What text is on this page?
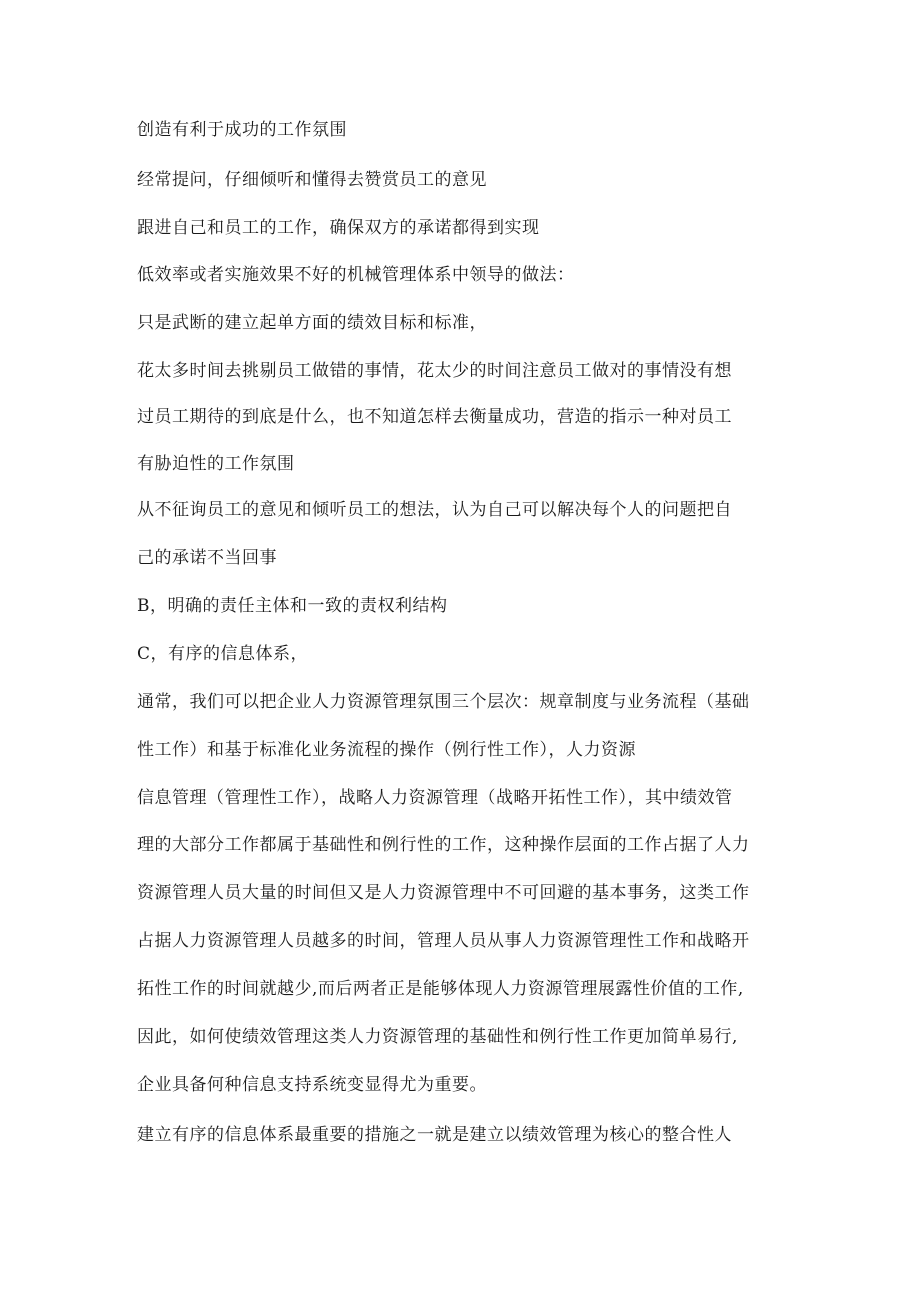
创造有利于成功的工作氛围
经常提问，仔细倾听和懂得去赞赏员工的意见
跟进自己和员工的工作，确保双方的承诺都得到实现
低效率或者实施效果不好的机械管理体系中领导的做法：
只是武断的建立起单方面的绩效目标和标准，
花太多时间去挑剔员工做错的事情，花太少的时间注意员工做对的事情没有想
过员工期待的到底是什么，也不知道怎样去衡量成功，营造的指示一种对员工
有胁迫性的工作氛围
从不征询员工的意见和倾听员工的想法，认为自己可以解决每个人的问题把自
己的承诺不当回事
B，明确的责任主体和一致的责权利结构
C，有序的信息体系，
通常，我们可以把企业人力资源管理氛围三个层次：规章制度与业务流程（基础
性工作）和基于标准化业务流程的操作（例行性工作），人力资源
信息管理（管理性工作），战略人力资源管理（战略开拓性工作），其中绩效管
理的大部分工作都属于基础性和例行性的工作，这种操作层面的工作占据了人力
资源管理人员大量的时间但又是人力资源管理中不可回避的基本事务，这类工作
占据人力资源管理人员越多的时间，管理人员从事人力资源管理性工作和战略开
拓性工作的时间就越少,而后两者正是能够体现人力资源管理展露性价值的工作,
因此，如何使绩效管理这类人力资源管理的基础性和例行性工作更加简单易行,
企业具备何种信息支持系统变显得尤为重要。
建立有序的信息体系最重要的措施之一就是建立以绩效管理为核心的整合性人
